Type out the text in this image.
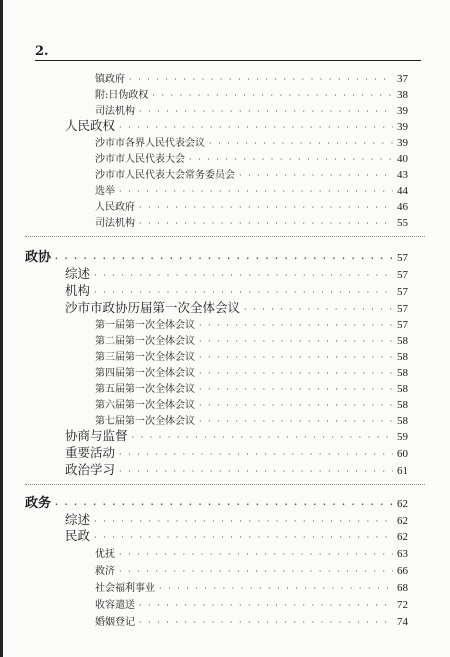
2.
镇政府 · · ·	37
附:日伪政权 · · ·	38
司法机构 · · ·	39
人民政权 · · ·	39
沙市市各界人民代表会议 · · ·	39
沙市市人民代表大会 · · ·	40
沙市市人民代表大会常务委员会 · · ·	43
选举 · · ·	44
人民政府 · · ·	46
司法机构 · · ·	55
政协 · · ·	57
综述 · · ·	57
机构 · · ·	57
沙市市政协历届第一次全体会议 · · ·	57
第一届第一次全体会议 · · ·	57
第二届第一次全体会议 · · ·	58
第三届第一次全体会议 · · ·	58
第四届第一次全体会议 · · ·	58
第五届第一次全体会议 · · ·	58
第六届第一次全体会议 · · ·	58
第七届第一次全体会议 · · ·	58
协商与监督 · · ·	59
重要活动 · · ·	60
政治学习 · · ·	61
政务 · · ·	62
综述 · · ·	62
民政 · · ·	62
优抚 · · ·	63
救济 · · ·	66
社会福利事业 · · ·	68
收容遣送 · · ·	72
婚姻登记 · · ·	74
